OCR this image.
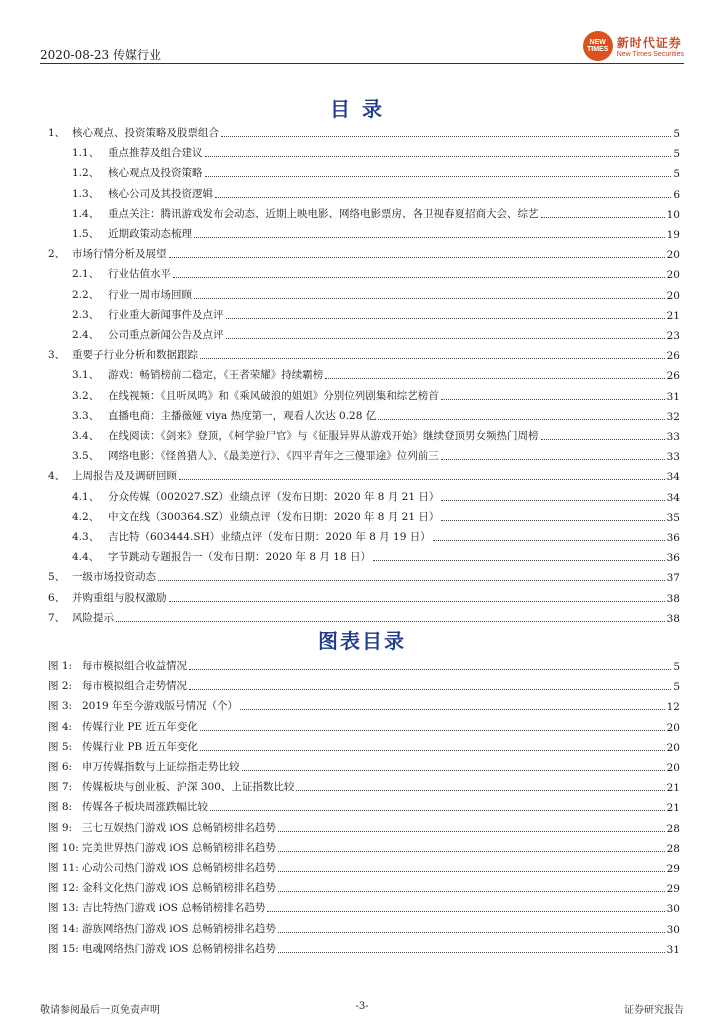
2020-08-23 传媒行业
NEW
TIMES 新时代证券
New Times Securities
目录
1、 核心观点、投资策略及股票组合	5
1.1、 重点推荐及组合建议	5
1.2、 核心观点及投资策略	5
1.3、 核心公司及其投资逻辑	6
1.4、 重点关注：腾讯游戏发布会动态、近期上映电影、网络电影票房、各卫视春夏招商大会、综艺	10
1.5、 近期政策动态梳理	19
2、 市场行情分析及展望	20
2.1、 行业估值水平	20
2.2、 行业一周市场回顾	20
2.3、 行业重大新闻事件及点评	21
2.4、 公司重点新闻公告及点评	23
3、 重要子行业分析和数据跟踪	26
3.1、 游戏：畅销榜前二稳定，《王者荣耀》持续霸榜	26
3.2、 在线视频：《且听凤鸣》和《乘风破浪的姐姐》分别位列剧集和综艺榜首	31
3.3、 直播电商：主播薇娅 viya 热度第一，观看人次达 0.28 亿	32
3.4、 在线阅读：《剑来》登顶，《柯学验尸官》与《征服异界从游戏开始》继续登顶男女频热门周榜	33
3.5、 网络电影：《怪兽猎人》、《最美逆行》、《四平青年之三傻罪途》位列前三	33
4、 上周报告及及调研回顾	34
4.1、 分众传媒（002027.SZ）业绩点评（发布日期：2020 年 8 月 21 日）	34
4.2、 中文在线（300364.SZ）业绩点评（发布日期：2020 年 8 月 21 日）	35
4.3、 吉比特（603444.SH）业绩点评（发布日期：2020 年 8 月 19 日）	36
4.4、 字节跳动专题报告一（发布日期：2020 年 8 月 18 日）	36
5、 一级市场投资动态	37
6、 并购重组与股权激励	38
7、 风险提示	38
图表目录
图 1: 每市模拟组合收益情况	5
图 2: 每市模拟组合走势情况	5
图 3: 2019 年至今游戏版号情况（个）	12
图 4: 传媒行业 PE 近五年变化	20
图 5: 传媒行业 PB 近五年变化	20
图 6: 申万传媒指数与上证综指走势比较	20
图 7: 传媒板块与创业板、沪深 300、上证指数比较	21
图 8: 传媒各子板块周涨跌幅比较	21
图 9: 三七互娱热门游戏 iOS 总畅销榜排名趋势	28
图 10: 完美世界热门游戏 iOS 总畅销榜排名趋势	28
图 11: 心动公司热门游戏 iOS 总畅销榜排名趋势	29
图 12: 金科文化热门游戏 iOS 总畅销榜排名趋势	29
图 13: 吉比特热门游戏 iOS 总畅销榜排名趋势	30
图 14: 游族网络热门游戏 iOS 总畅销榜排名趋势	30
图 15: 电魂网络热门游戏 iOS 总畅销榜排名趋势	31
敬请参阅最后一页免责声明	-3-	证券研究报告
